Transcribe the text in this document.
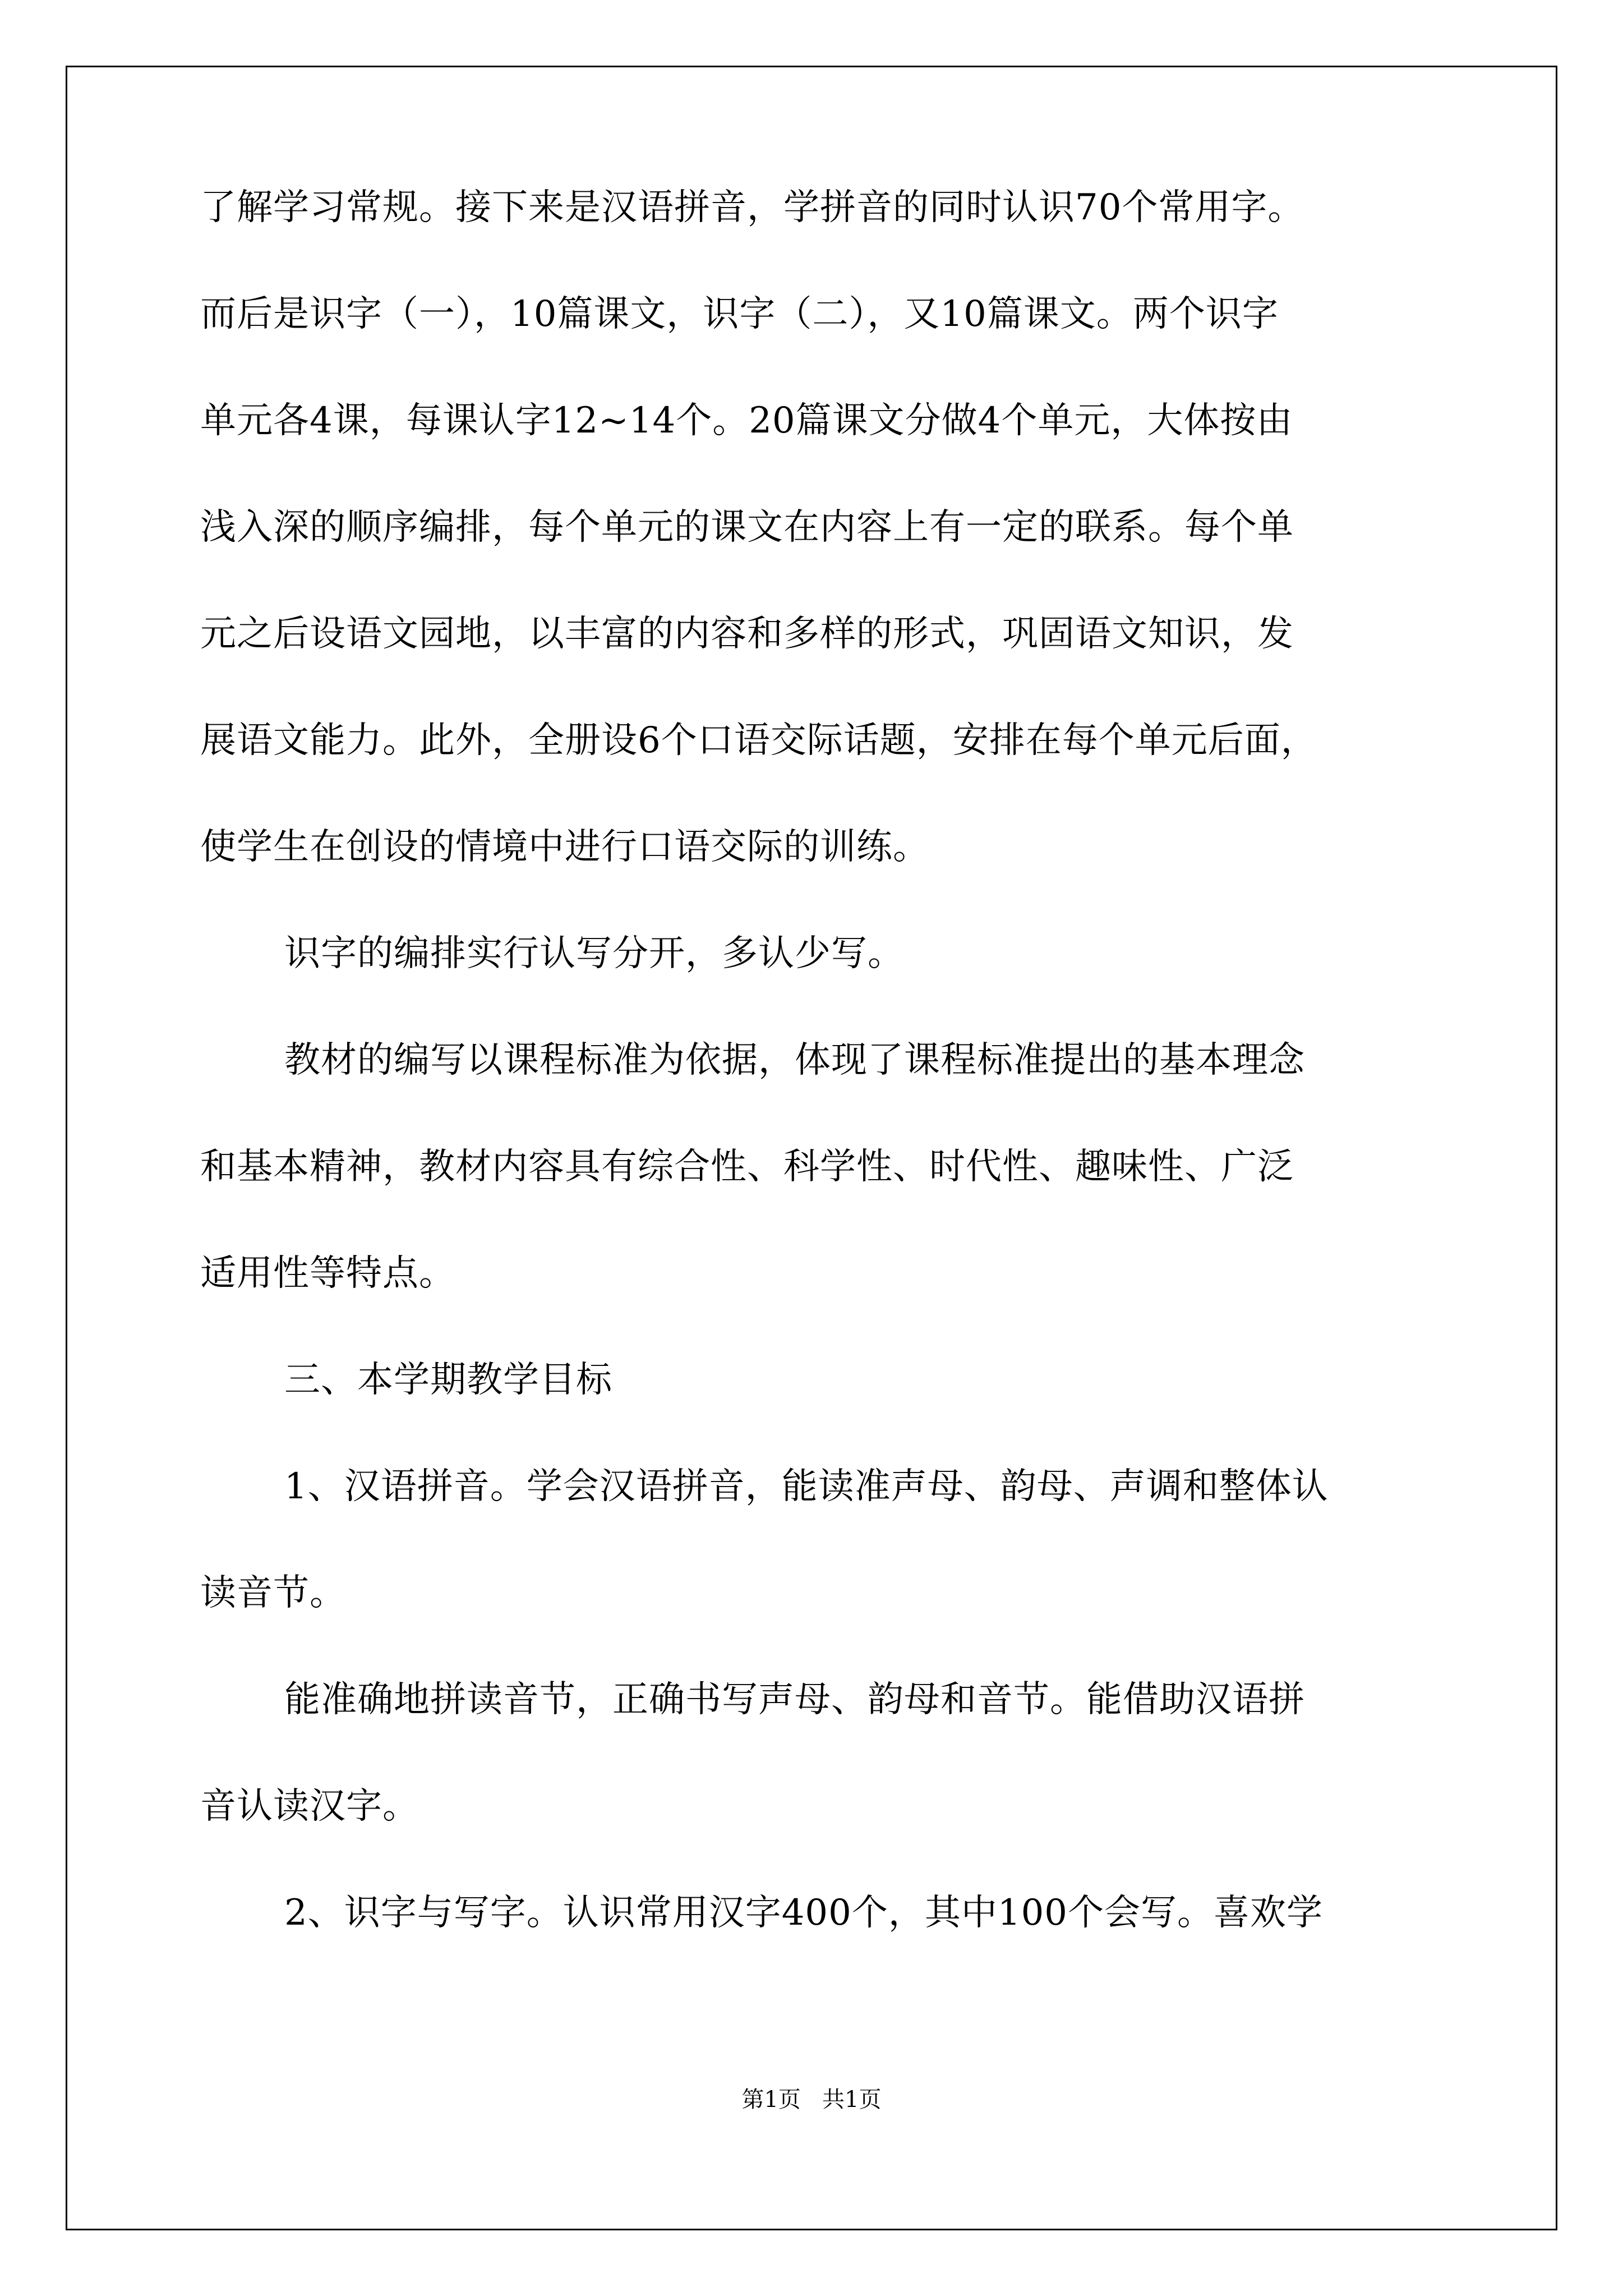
了解学习常规。接下来是汉语拼音，学拼音的同时认识70个常用字。
而后是识字（一），10篇课文，识字（二），又10篇课文。两个识字
单元各4课，每课认字12~14个。20篇课文分做4个单元，大体按由
浅入深的顺序编排，每个单元的课文在内容上有一定的联系。每个单
元之后设语文园地，以丰富的内容和多样的形式，巩固语文知识，发
展语文能力。此外，全册设6个口语交际话题，安排在每个单元后面，
使学生在创设的情境中进行口语交际的训练。
识字的编排实行认写分开，多认少写。
教材的编写以课程标准为依据，体现了课程标准提出的基本理念
和基本精神，教材内容具有综合性、科学性、时代性、趣味性、广泛
适用性等特点。
三、本学期教学目标
1、汉语拼音。学会汉语拼音，能读准声母、韵母、声调和整体认
读音节。
能准确地拼读音节，正确书写声母、韵母和音节。能借助汉语拼
音认读汉字。
2、识字与写字。认识常用汉字400个，其中100个会写。喜欢学
第1页   共1页
